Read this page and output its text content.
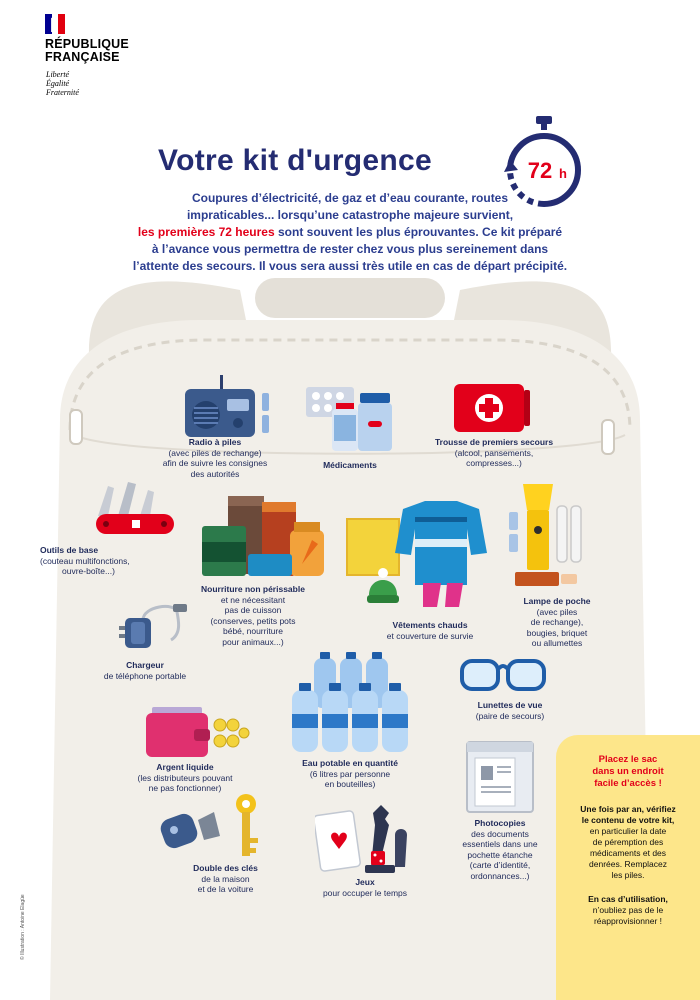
RÉPUBLIQUE
FRANÇAISE
Liberté
Égalité
Fraternité
Votre kit d'urgence	72 h
Coupures d’électricité, de gaz et d’eau courante, routes
impraticables... lorsqu’une catastrophe majeure survient,
les premières 72 heures sont souvent les plus éprouvantes. Ce kit préparé
à l’avance vous permettra de rester chez vous plus sereinement dans
l’attente des secours. Il vous sera aussi très utile en cas de départ précipité.
Radio à piles
(avec piles de rechange)
afin de suivre les consignes
des autorités
Médicaments
Trousse de premiers secours
(alcool, pansements,
compresses...)
Outils de base
(couteau multifonctions,
ouvre-boîte...)
Nourriture non périssable
et ne nécessitant
pas de cuisson
(conserves, petits pots
bébé, nourriture
pour animaux...)
Vêtements chauds
et couverture de survie
Lampe de poche
(avec piles
de rechange),
bougies, briquet
ou allumettes
Chargeur
de téléphone portable
Eau potable en quantité
(6 litres par personne
en bouteilles)
Lunettes de vue
(paire de secours)
Argent liquide
(les distributeurs pouvant
ne pas fonctionner)
Photocopies
des documents
essentiels dans une
pochette étanche
(carte d’identité,
ordonnances...)
Double des clés
de la maison
et de la voiture
Jeux
pour occuper le temps
Placez le sac
dans un endroit
facile d’accès !
Une fois par an, vérifiez
le contenu de votre kit,
en particulier la date
de péremption des
médicaments et des
denrées. Remplacez
les piles.
En cas d’utilisation,
n’oubliez pas de le
réapprovisionner !
© Illustration : Antoine Elagüe
